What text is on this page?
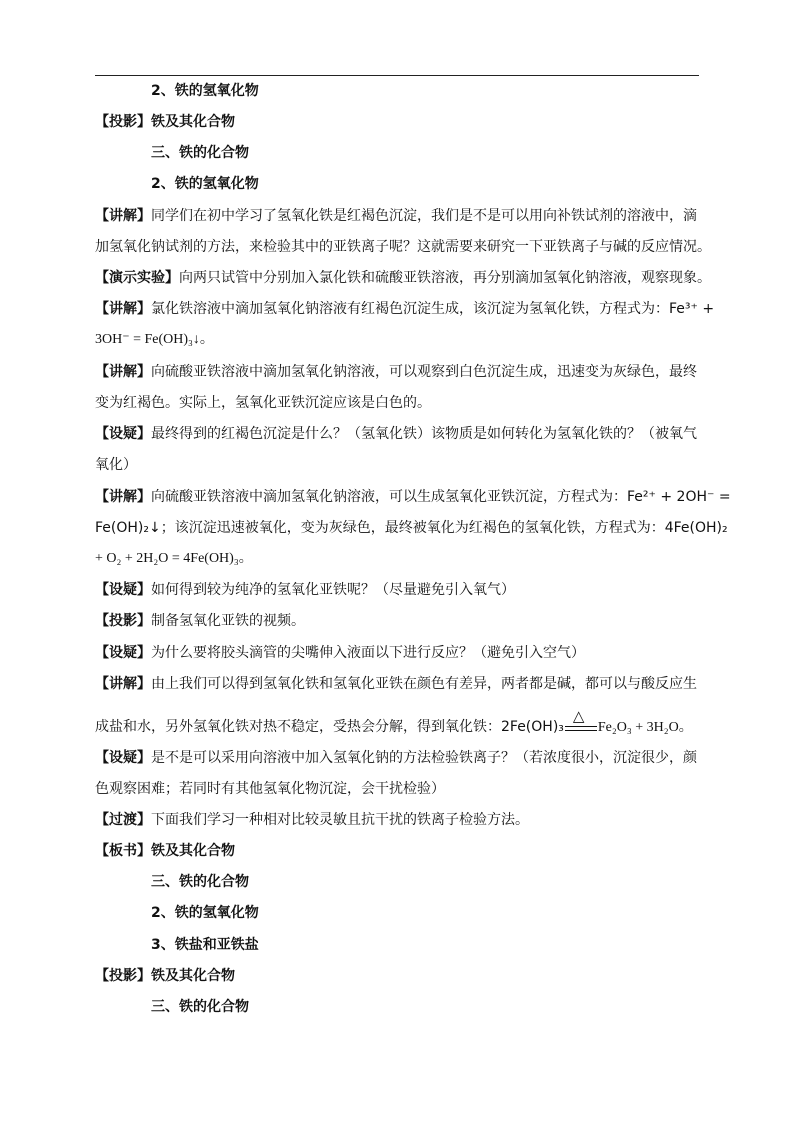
2、铁的氢氧化物
【投影】铁及其化合物
三、铁的化合物
2、铁的氢氧化物
【讲解】同学们在初中学习了氢氧化铁是红褐色沉淀，我们是不是可以用向补铁试剂的溶液中，滴
加氢氧化钠试剂的方法，来检验其中的亚铁离子呢？这就需要来研究一下亚铁离子与碱的反应情况。
【演示实验】向两只试管中分别加入氯化铁和硫酸亚铁溶液，再分别滴加氢氧化钠溶液，观察现象。
【讲解】氯化铁溶液中滴加氢氧化钠溶液有红褐色沉淀生成，该沉淀为氢氧化铁，方程式为：Fe³⁺ +
3OH⁻ = Fe(OH)₃↓。
【讲解】向硫酸亚铁溶液中滴加氢氧化钠溶液，可以观察到白色沉淀生成，迅速变为灰绿色，最终
变为红褐色。实际上，氢氧化亚铁沉淀应该是白色的。
【设疑】最终得到的红褐色沉淀是什么？（氢氧化铁）该物质是如何转化为氢氧化铁的？（被氧气
氧化）
【讲解】向硫酸亚铁溶液中滴加氢氧化钠溶液，可以生成氢氧化亚铁沉淀，方程式为：Fe²⁺ + 2OH⁻ =
Fe(OH)₂↓；该沉淀迅速被氧化，变为灰绿色，最终被氧化为红褐色的氢氧化铁，方程式为：4Fe(OH)₂
+ O₂ + 2H₂O = 4Fe(OH)₃。
【设疑】如何得到较为纯净的氢氧化亚铁呢？（尽量避免引入氧气）
【投影】制备氢氧化亚铁的视频。
【设疑】为什么要将胶头滴管的尖嘴伸入液面以下进行反应？（避免引入空气）
【讲解】由上我们可以得到氢氧化铁和氢氧化亚铁在颜色有差异，两者都是碱，都可以与酸反应生
成盐和水，另外氢氧化铁对热不稳定，受热会分解，得到氧化铁：2Fe(OH)₃
△
Fe₂O₃ + 3H₂O。
【设疑】是不是可以采用向溶液中加入氢氧化钠的方法检验铁离子？（若浓度很小，沉淀很少，颜
色观察困难；若同时有其他氢氧化物沉淀，会干扰检验）
【过渡】下面我们学习一种相对比较灵敏且抗干扰的铁离子检验方法。
【板书】铁及其化合物
三、铁的化合物
2、铁的氢氧化物
3、铁盐和亚铁盐
【投影】铁及其化合物
三、铁的化合物
